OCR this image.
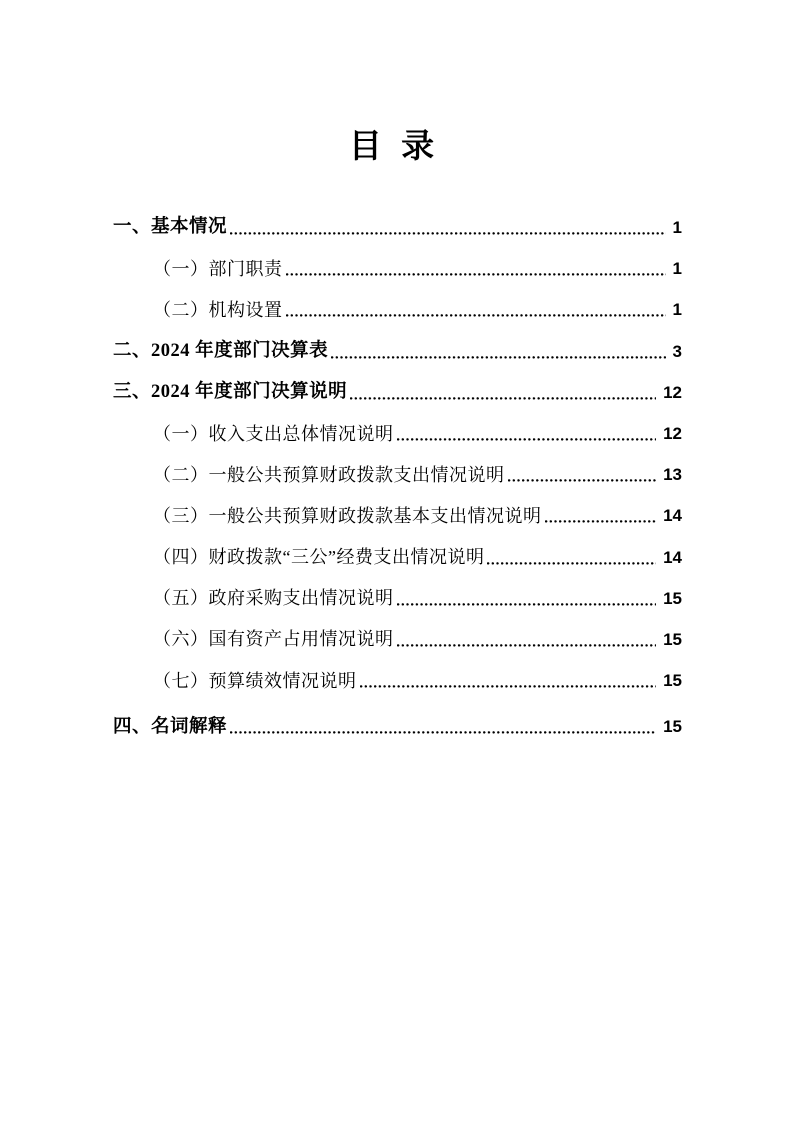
目 录
一、基本情况	1
（一）部门职责	1
（二）机构设置	1
二、2024 年度部门决算表	3
三、2024 年度部门决算说明	12
（一）收入支出总体情况说明	12
（二）一般公共预算财政拨款支出情况说明	13
（三）一般公共预算财政拨款基本支出情况说明	14
（四）财政拨款“三公”经费支出情况说明	14
（五）政府采购支出情况说明	15
（六）国有资产占用情况说明	15
（七）预算绩效情况说明	15
四、名词解释	15
